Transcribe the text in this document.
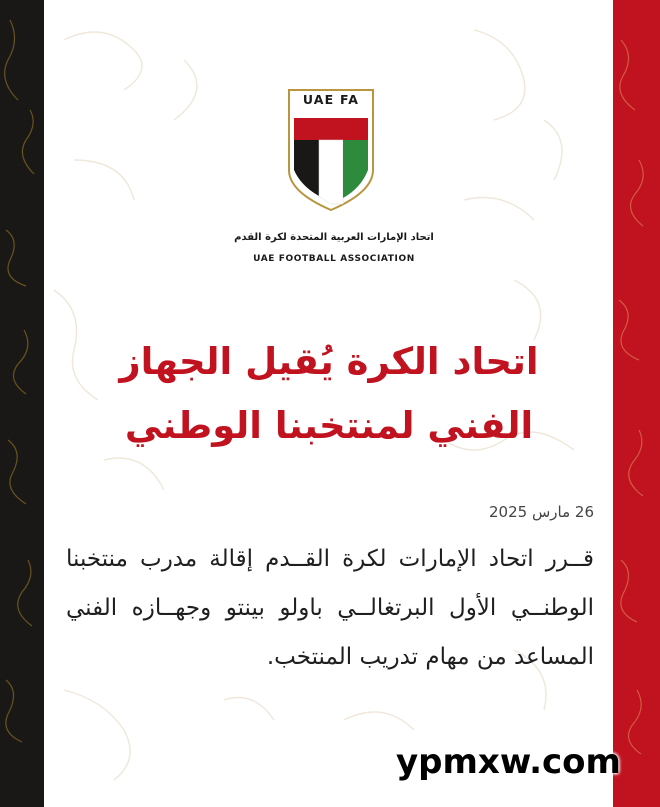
UAE FA
اتحاد الإمارات العربية المتحدة لكرة القدم
UAE FOOTBALL ASSOCIATION
اتحاد الكرة يُقيل الجهاز الفني لمنتخبنا الوطني
26 مارس 2025
قــرر اتحاد الإمارات لكرة القــدم إقالة مدرب منتخبنا الوطنــي الأول البرتغالــي باولو بينتو وجهــازه الفني المساعد من مهام تدريب المنتخب.
ypmxw.com
